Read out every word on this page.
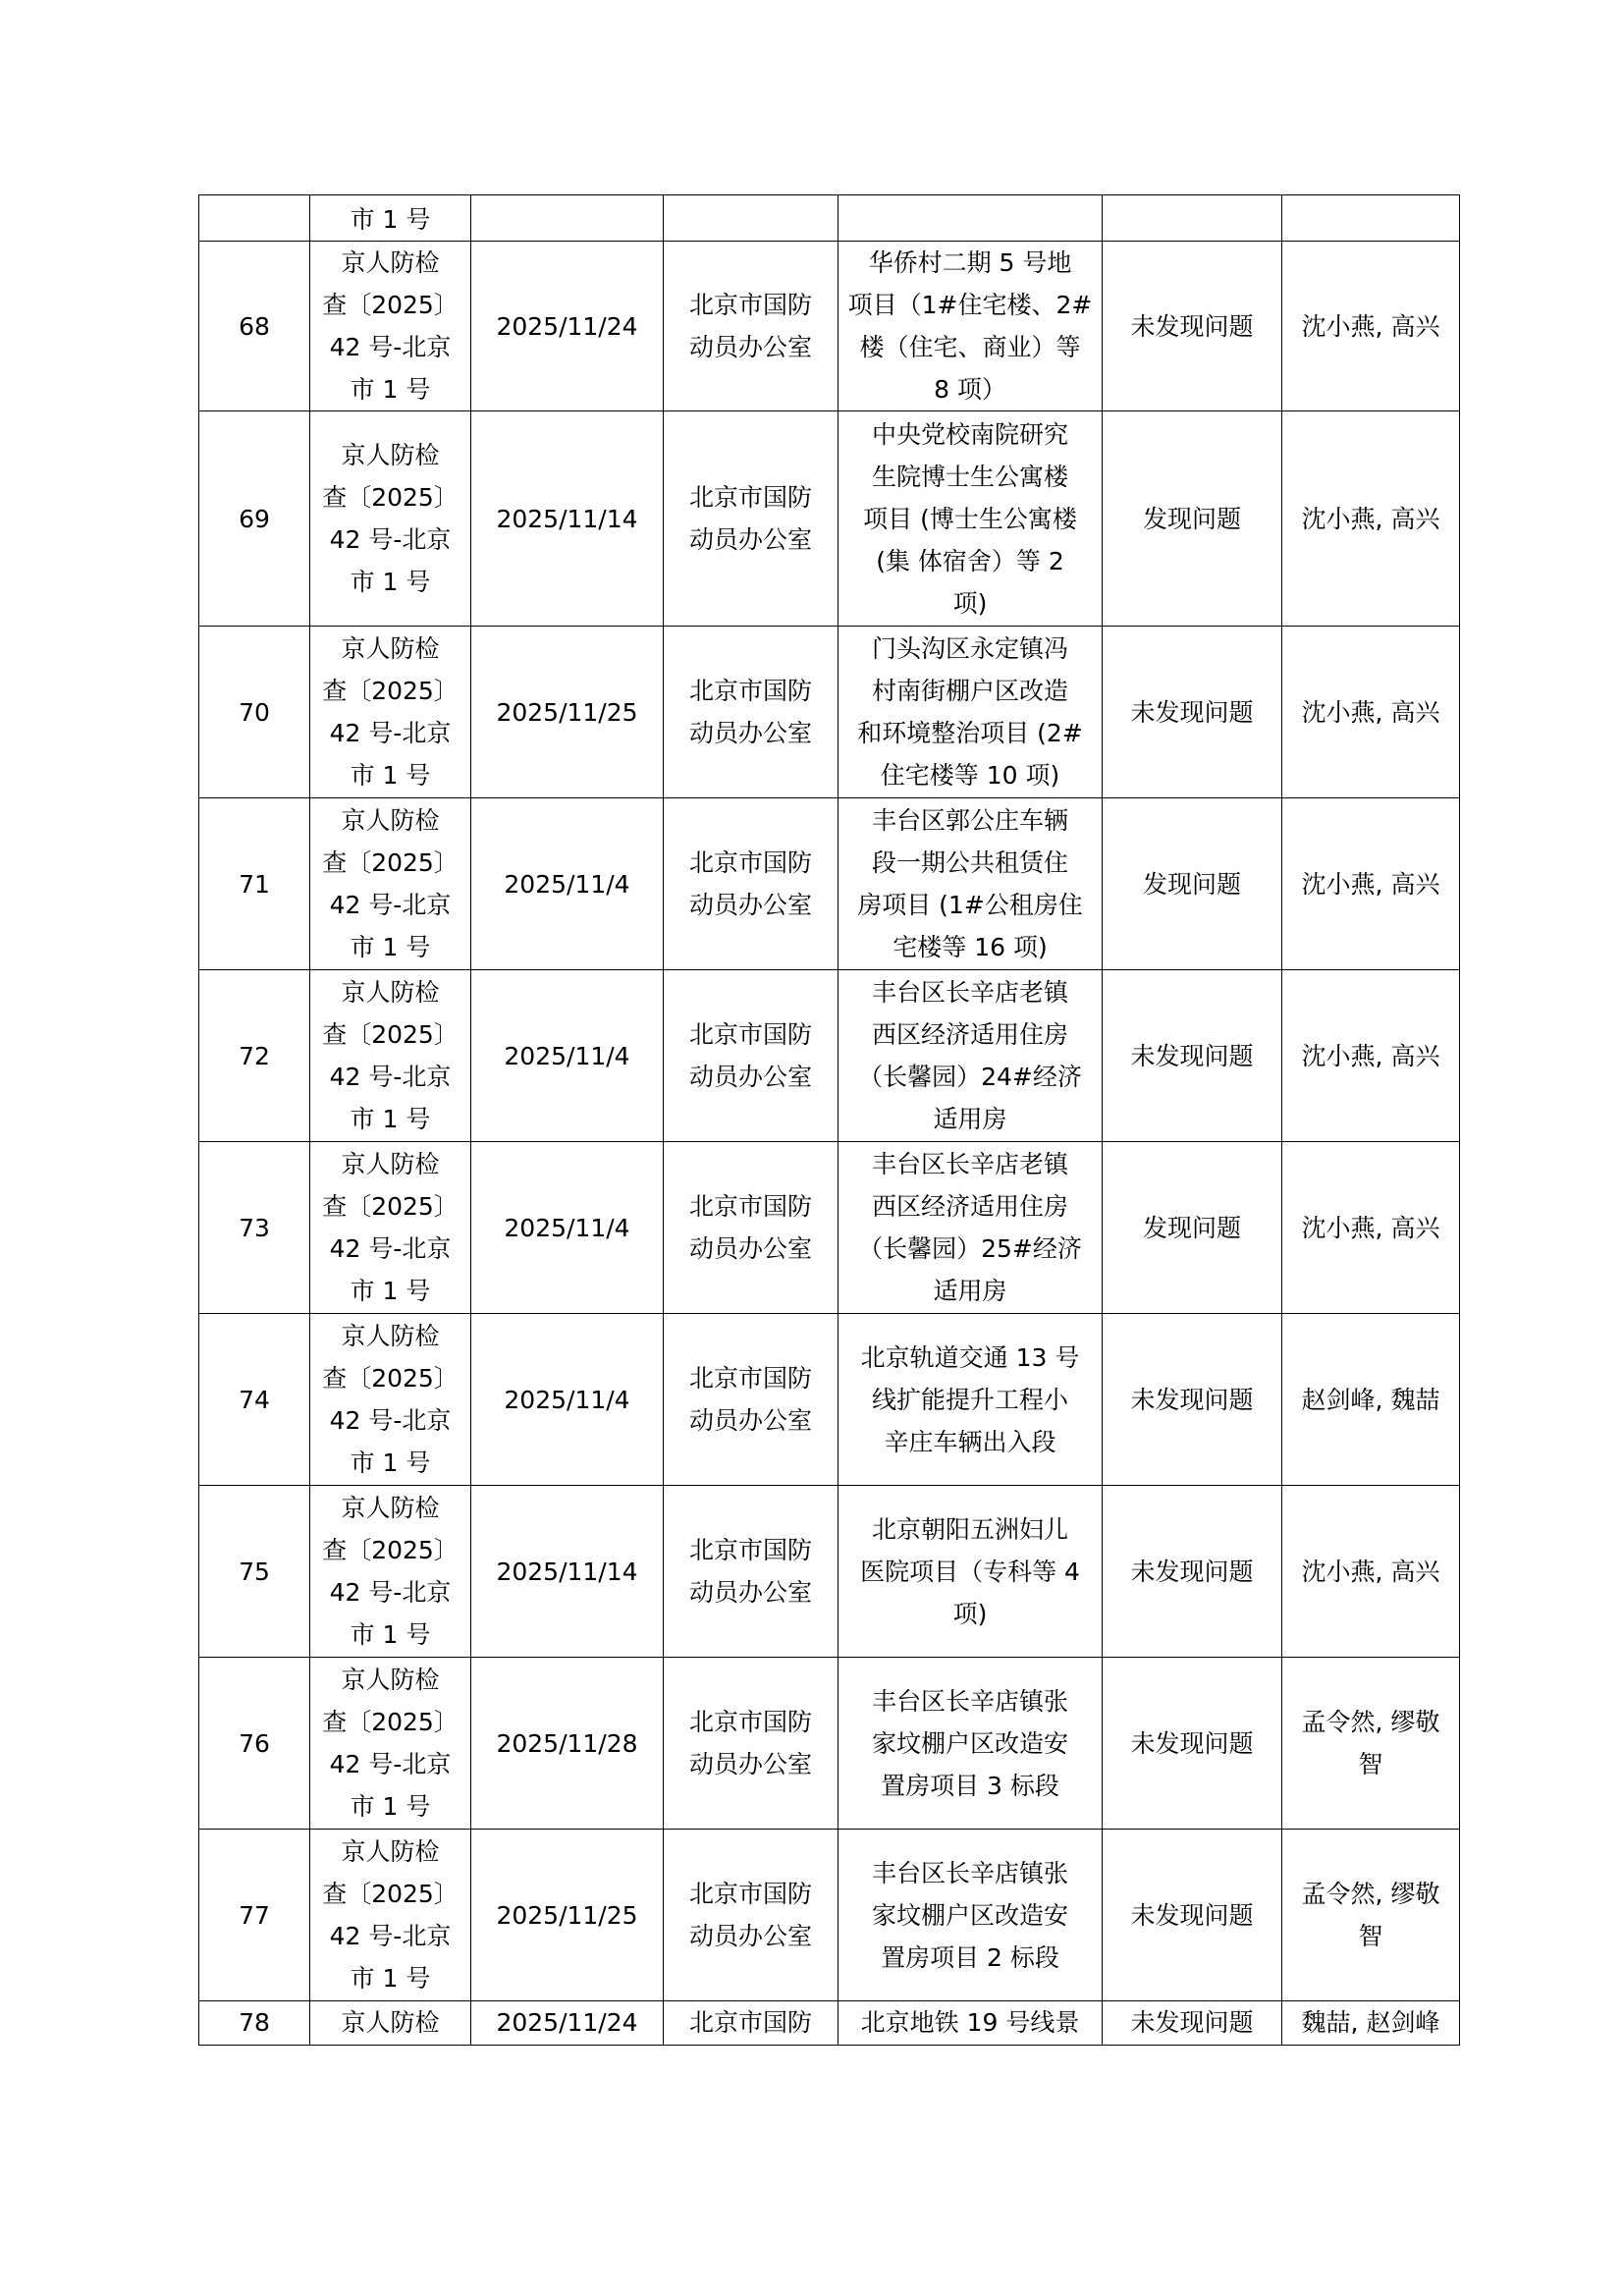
	市 1 号					
68	京人防检
查〔2025〕
42 号-北京
市 1 号	2025/11/24	北京市国防
动员办公室	华侨村二期 5 号地
项目（1#住宅楼、2#
楼（住宅、商业）等
8 项）	未发现问题	沈小燕, 高兴

69	京人防检
查〔2025〕
42 号-北京
市 1 号	2025/11/14	北京市国防
动员办公室	中央党校南院研究
生院博士生公寓楼
项目 (博士生公寓楼
(集 体宿舍）等 2
项)	发现问题	沈小燕, 高兴

70	京人防检
查〔2025〕
42 号-北京
市 1 号	2025/11/25	北京市国防
动员办公室	门头沟区永定镇冯
村南街棚户区改造
和环境整治项目 (2#
住宅楼等 10 项)	未发现问题	沈小燕, 高兴

71	京人防检
查〔2025〕
42 号-北京
市 1 号	2025/11/4	北京市国防
动员办公室	丰台区郭公庄车辆
段一期公共租赁住
房项目 (1#公租房住
宅楼等 16 项)	发现问题	沈小燕, 高兴

72	京人防检
查〔2025〕
42 号-北京
市 1 号	2025/11/4	北京市国防
动员办公室	丰台区长辛店老镇
西区经济适用住房
（长馨园）24#经济
适用房	未发现问题	沈小燕, 高兴

73	京人防检
查〔2025〕
42 号-北京
市 1 号	2025/11/4	北京市国防
动员办公室	丰台区长辛店老镇
西区经济适用住房
（长馨园）25#经济
适用房	发现问题	沈小燕, 高兴

74	京人防检
查〔2025〕
42 号-北京
市 1 号	2025/11/4	北京市国防
动员办公室	北京轨道交通 13 号
线扩能提升工程小
辛庄车辆出入段	未发现问题	赵剑峰, 魏喆

75	京人防检
查〔2025〕
42 号-北京
市 1 号	2025/11/14	北京市国防
动员办公室	北京朝阳五洲妇儿
医院项目（专科等 4
项)	未发现问题	沈小燕, 高兴

76	京人防检
查〔2025〕
42 号-北京
市 1 号	2025/11/28	北京市国防
动员办公室	丰台区长辛店镇张
家坟棚户区改造安
置房项目 3 标段	未发现问题	孟令然, 缪敬
智

77	京人防检
查〔2025〕
42 号-北京
市 1 号	2025/11/25	北京市国防
动员办公室	丰台区长辛店镇张
家坟棚户区改造安
置房项目 2 标段	未发现问题	孟令然, 缪敬
智

78	京人防检	2025/11/24	北京市国防	北京地铁 19 号线景	未发现问题	魏喆, 赵剑峰
